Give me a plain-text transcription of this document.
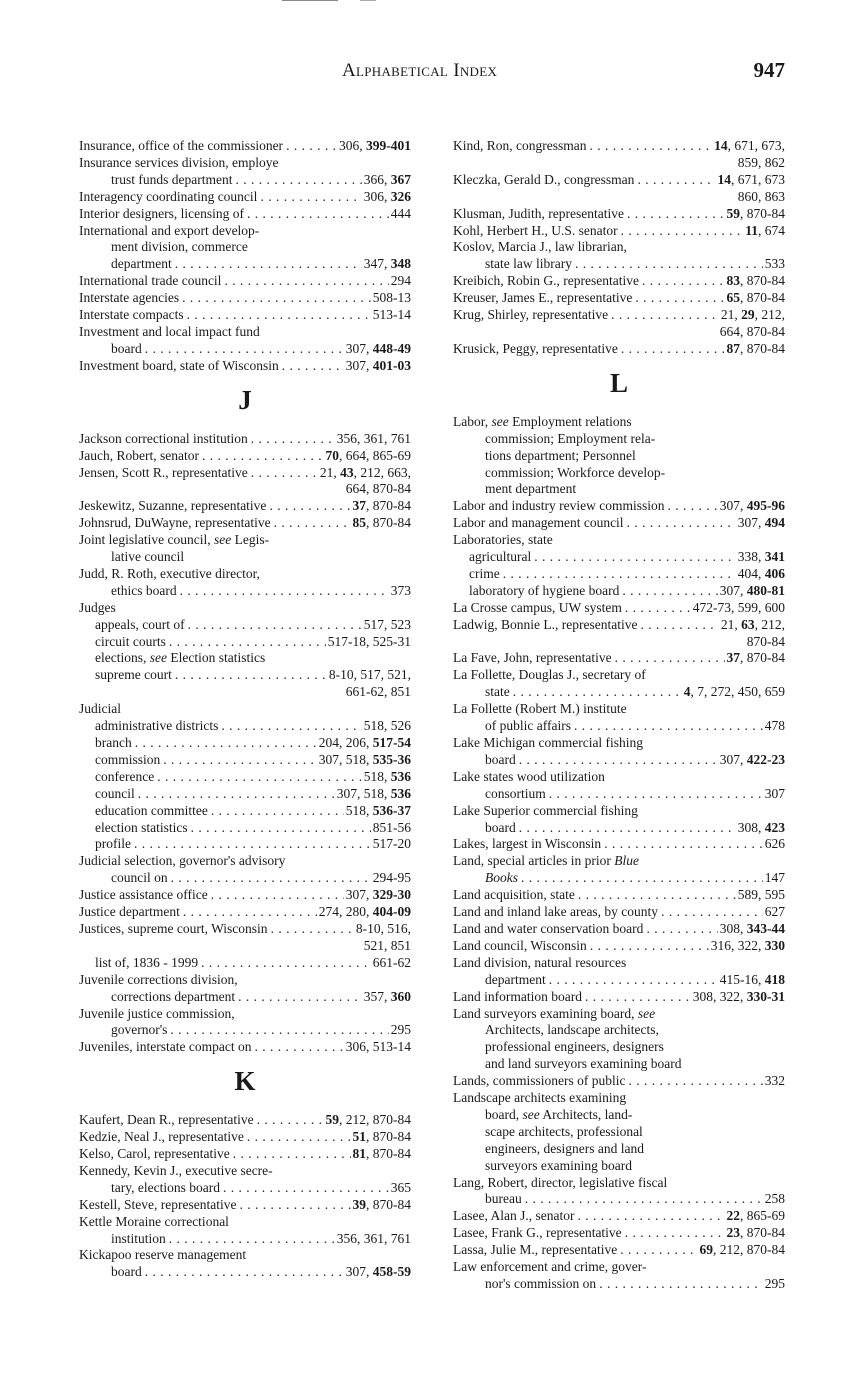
Alphabetical Index	947
Insurance, office of the commissioner . . .	306, 399-401
Insurance services division, employe
trust funds department . . .	366, 367
Interagency coordinating council . . .	306, 326
Interior designers, licensing of . . .	444
International and export develop-
ment division, commerce
department . . .	347, 348
International trade council . . .	294
Interstate agencies . . .	508-13
Interstate compacts . . .	513-14
Investment and local impact fund
board . . .	307, 448-49
Investment board, state of Wisconsin . . .	307, 401-03
J
Jackson correctional institution . . .	356, 361, 761
Jauch, Robert, senator . . .	70, 664, 865-69
Jensen, Scott R., representative . . .	21, 43, 212, 663,
664, 870-84
Jeskewitz, Suzanne, representative . . .	37, 870-84
Johnsrud, DuWayne, representative . . .	85, 870-84
Joint legislative council, see Legis-
lative council
Judd, R. Roth, executive director,
ethics board . . .	373
Judges
appeals, court of . . .	517, 523
circuit courts . . .	517-18, 525-31
elections, see Election statistics
supreme court . . .	8-10, 517, 521,
661-62, 851
Judicial
administrative districts . . .	518, 526
branch . . .	204, 206, 517-54
commission . . .	307, 518, 535-36
conference . . .	518, 536
council . . .	307, 518, 536
education committee . . .	518, 536-37
election statistics . . .	851-56
profile . . .	517-20
Judicial selection, governor's advisory
council on . . .	294-95
Justice assistance office . . .	307, 329-30
Justice department . . .	274, 280, 404-09
Justices, supreme court, Wisconsin . . .	8-10, 516,
521, 851
list of, 1836 - 1999 . . .	661-62
Juvenile corrections division,
corrections department . . .	357, 360
Juvenile justice commission,
governor's . . .	295
Juveniles, interstate compact on . . .	306, 513-14
K
Kaufert, Dean R., representative . . .	59, 212, 870-84
Kedzie, Neal J., representative . . .	51, 870-84
Kelso, Carol, representative . . .	81, 870-84
Kennedy, Kevin J., executive secre-
tary, elections board . . .	365
Kestell, Steve, representative . . .	39, 870-84
Kettle Moraine correctional
institution . . .	356, 361, 761
Kickapoo reserve management
board . . .	307, 458-59
Kind, Ron, congressman . . .	14, 671, 673,
859, 862
Kleczka, Gerald D., congressman . . .	14, 671, 673
860, 863
Klusman, Judith, representative . . .	59, 870-84
Kohl, Herbert H., U.S. senator . . .	11, 674
Koslov, Marcia J., law librarian,
state law library . . .	533
Kreibich, Robin G., representative . . .	83, 870-84
Kreuser, James E., representative . . .	65, 870-84
Krug, Shirley, representative . . .	21, 29, 212,
664, 870-84
Krusick, Peggy, representative . . .	87, 870-84
L
Labor, see Employment relations
commission; Employment rela-
tions department; Personnel
commission; Workforce develop-
ment department
Labor and industry review commission . . .	307, 495-96
Labor and management council . . .	307, 494
Laboratories, state
agricultural . . .	338, 341
crime . . .	404, 406
laboratory of hygiene board . . .	307, 480-81
La Crosse campus, UW system . . .	472-73, 599, 600
Ladwig, Bonnie L., representative . . .	21, 63, 212,
870-84
La Fave, John, representative . . .	37, 870-84
La Follette, Douglas J., secretary of
state . . .	4, 7, 272, 450, 659
La Follette (Robert M.) institute
of public affairs . . .	478
Lake Michigan commercial fishing
board . . .	307, 422-23
Lake states wood utilization
consortium . . .	307
Lake Superior commercial fishing
board . . .	308, 423
Lakes, largest in Wisconsin . . .	626
Land, special articles in prior Blue
Books . . .	147
Land acquisition, state . . .	589, 595
Land and inland lake areas, by county . . .	627
Land and water conservation board . . .	308, 343-44
Land council, Wisconsin . . .	316, 322, 330
Land division, natural resources
department . . .	415-16, 418
Land information board . . .	308, 322, 330-31
Land surveyors examining board, see
Architects, landscape architects,
professional engineers, designers
and land surveyors examining board
Lands, commissioners of public . . .	332
Landscape architects examining
board, see Architects, land-
scape architects, professional
engineers, designers and land
surveyors examining board
Lang, Robert, director, legislative fiscal
bureau . . .	258
Lasee, Alan J., senator . . .	22, 865-69
Lasee, Frank G., representative . . .	23, 870-84
Lassa, Julie M., representative . . .	69, 212, 870-84
Law enforcement and crime, gover-
nor's commission on . . .	295
